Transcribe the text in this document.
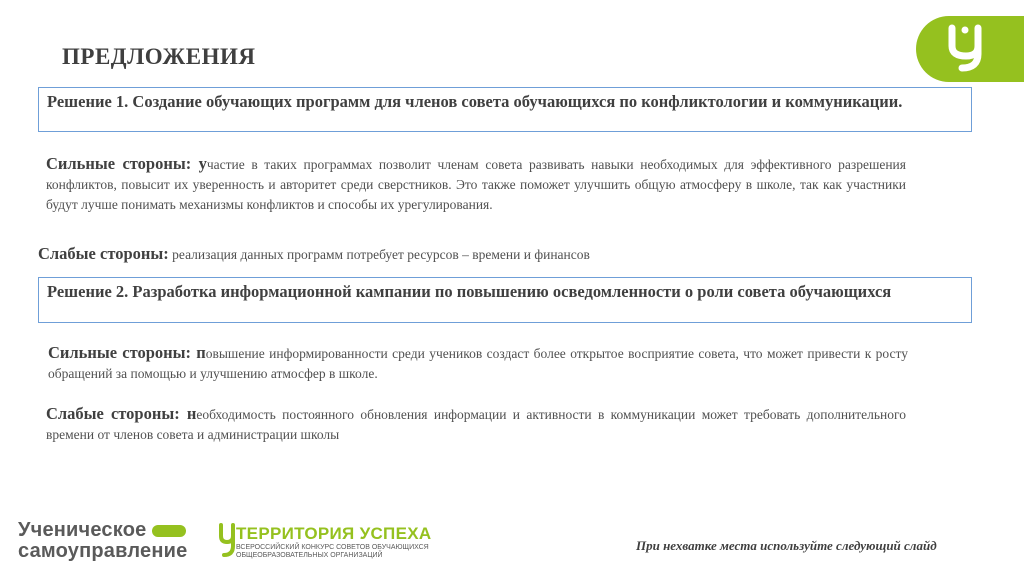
ПРЕДЛОЖЕНИЯ
Решение 1. Создание обучающих программ для членов совета обучающихся по конфликтологии и коммуникации.
Сильные стороны: участие в таких программах позволит членам совета развивать навыки необходимых для эффективного разрешения конфликтов, повысит их уверенность и авторитет среди сверстников. Это также поможет улучшить общую атмосферу в школе, так как участники будут лучше понимать механизмы конфликтов и способы их урегулирования.
Слабые стороны: реализация данных программ потребует ресурсов – времени и финансов
Решение 2. Разработка информационной кампании по повышению осведомленности о роли совета обучающихся
Сильные стороны: повышение информированности среди учеников создаст более открытое восприятие совета, что может привести к росту обращений за помощью и улучшению атмосфер в школе.
Слабые стороны: необходимость постоянного обновления информации и активности в коммуникации может требовать дополнительного времени от членов совета и администрации школы
Ученическое
самоуправление
ТЕРРИТОРИЯ УСПЕХА
ВСЕРОССИЙСКИЙ КОНКУРС СОВЕТОВ ОБУЧАЮЩИХСЯ
ОБЩЕОБРАЗОВАТЕЛЬНЫХ ОРГАНИЗАЦИЙ
При нехватке места используйте следующий слайд
